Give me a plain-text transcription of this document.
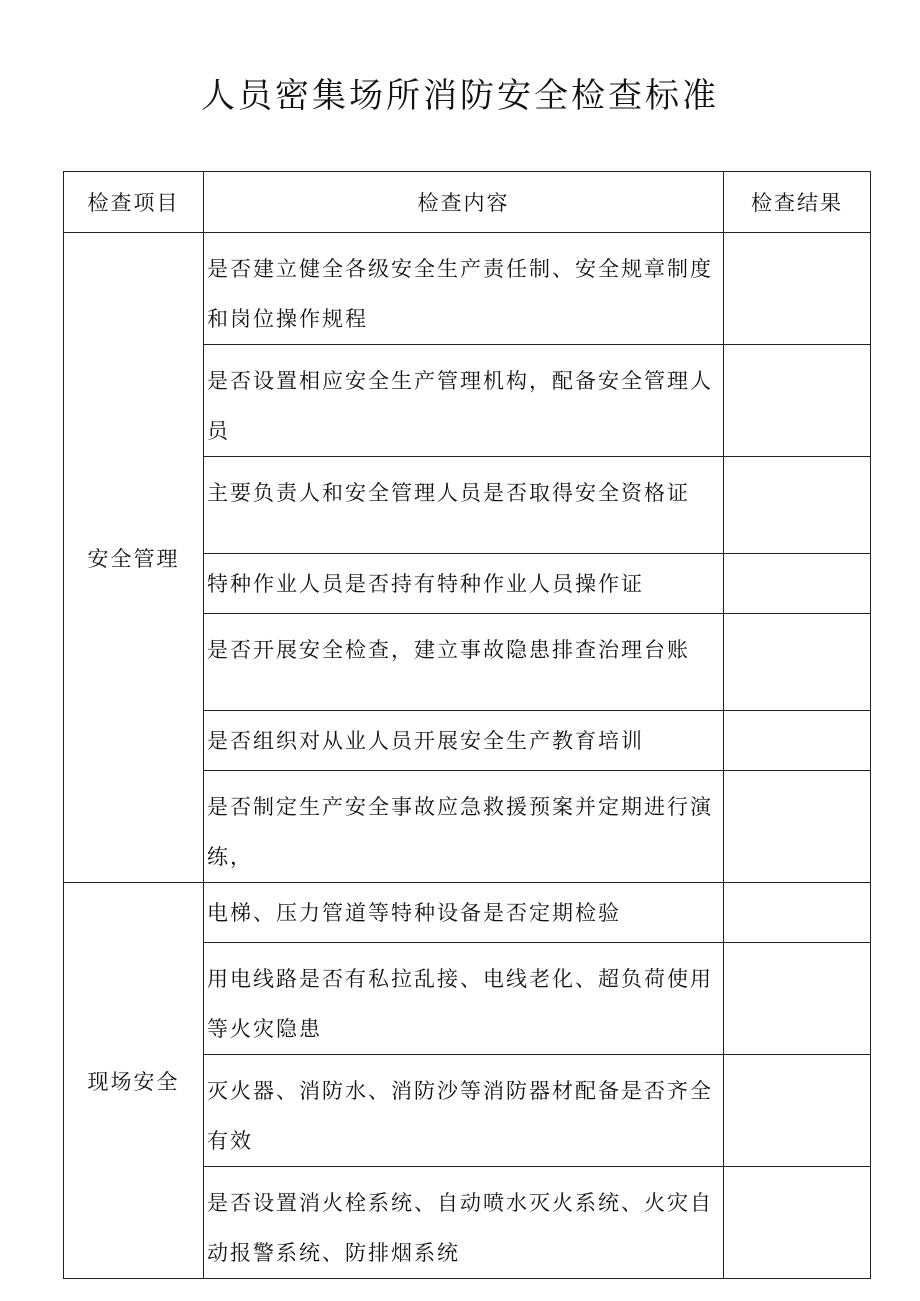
人员密集场所消防安全检查标准
检查项目	检查内容	检查结果
安全管理	是否建立健全各级安全生产责任制、安全规章制度和岗位操作规程	

	是否设置相应安全生产管理机构，配备安全管理人员	

	主要负责人和安全管理人员是否取得安全资格证	

	特种作业人员是否持有特种作业人员操作证	

	是否开展安全检查，建立事故隐患排查治理台账	

	是否组织对从业人员开展安全生产教育培训	

	是否制定生产安全事故应急救援预案并定期进行演练，	

现场安全	电梯、压力管道等特种设备是否定期检验	

	用电线路是否有私拉乱接、电线老化、超负荷使用等火灾隐患	

	灭火器、消防水、消防沙等消防器材配备是否齐全有效	

	是否设置消火栓系统、自动喷水灭火系统、火灾自动报警系统、防排烟系统	
